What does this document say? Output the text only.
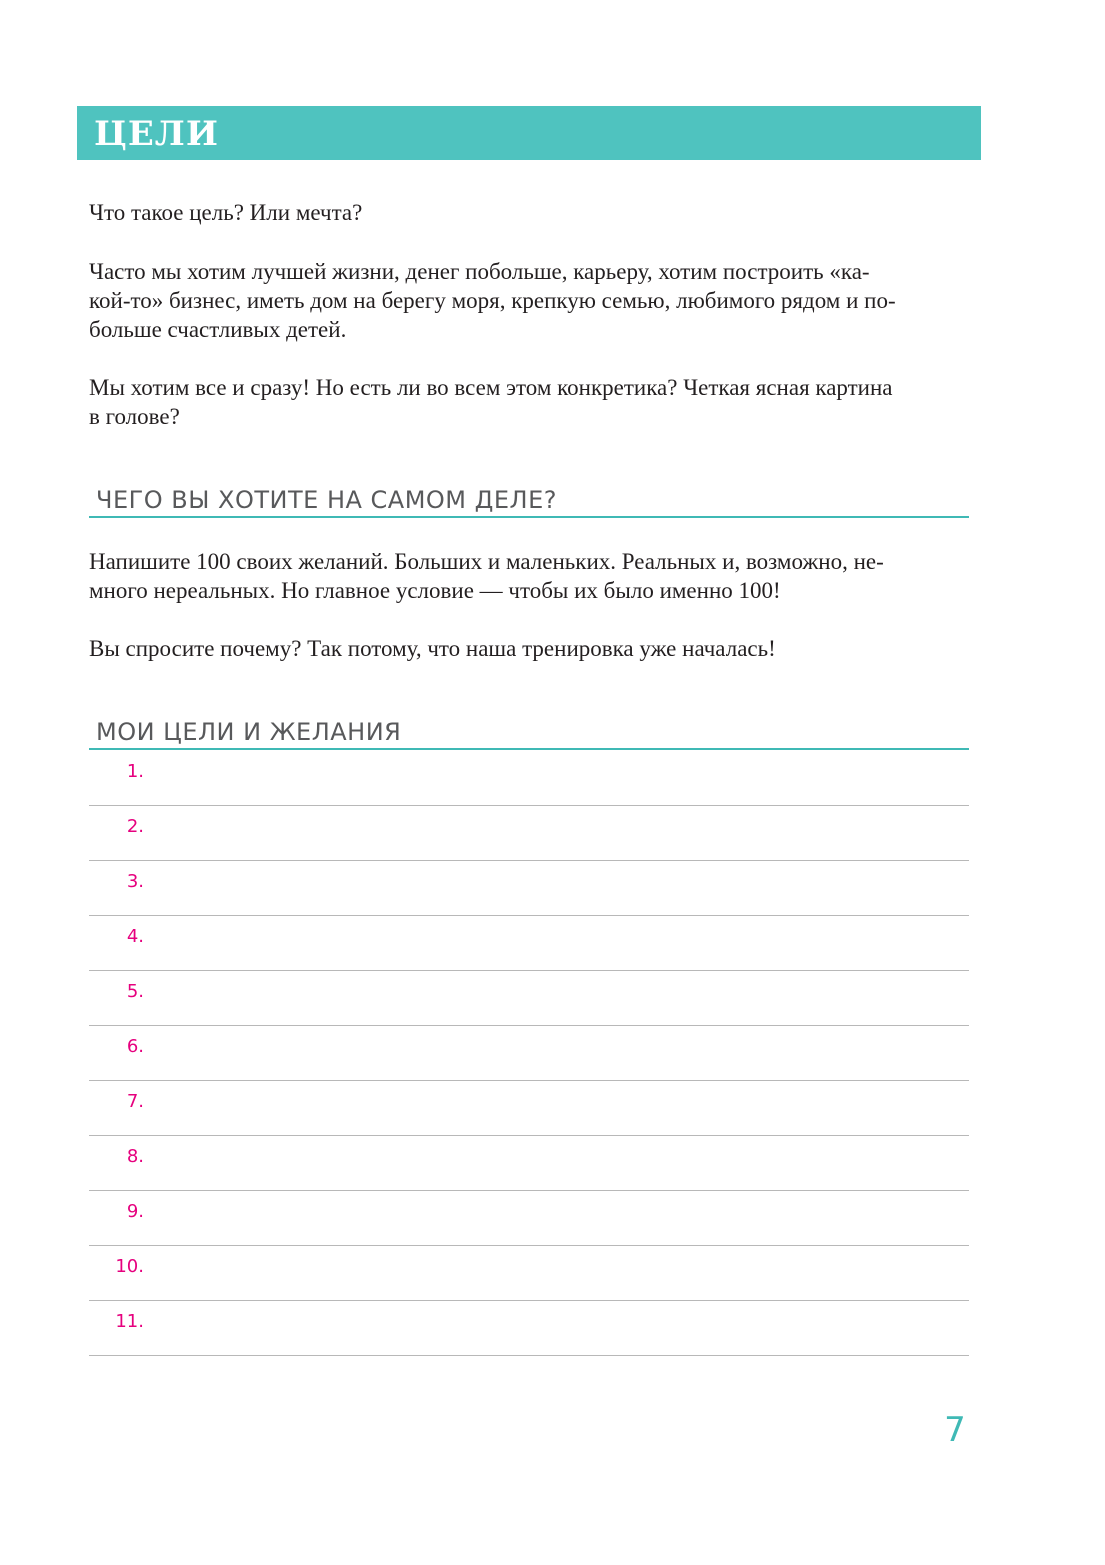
ЦЕЛИ
Что такое цель? Или мечта?
Часто мы хотим лучшей жизни, денег побольше, карьеру, хотим построить «ка-
кой-то» бизнес, иметь дом на берегу моря, крепкую семью, любимого рядом и по-
больше счастливых детей.
Мы хотим все и сразу! Но есть ли во всем этом конкретика? Четкая ясная картина
в голове?
ЧЕГО ВЫ ХОТИТЕ НА САМОМ ДЕЛЕ?
Напишите 100 своих желаний. Больших и маленьких. Реальных и, возможно, не-
много нереальных. Но главное условие — чтобы их было именно 100!
Вы спросите почему? Так потому, что наша тренировка уже началась!
МОИ ЦЕЛИ И ЖЕЛАНИЯ
1.
2.
3.
4.
5.
6.
7.
8.
9.
10.
11.
7
